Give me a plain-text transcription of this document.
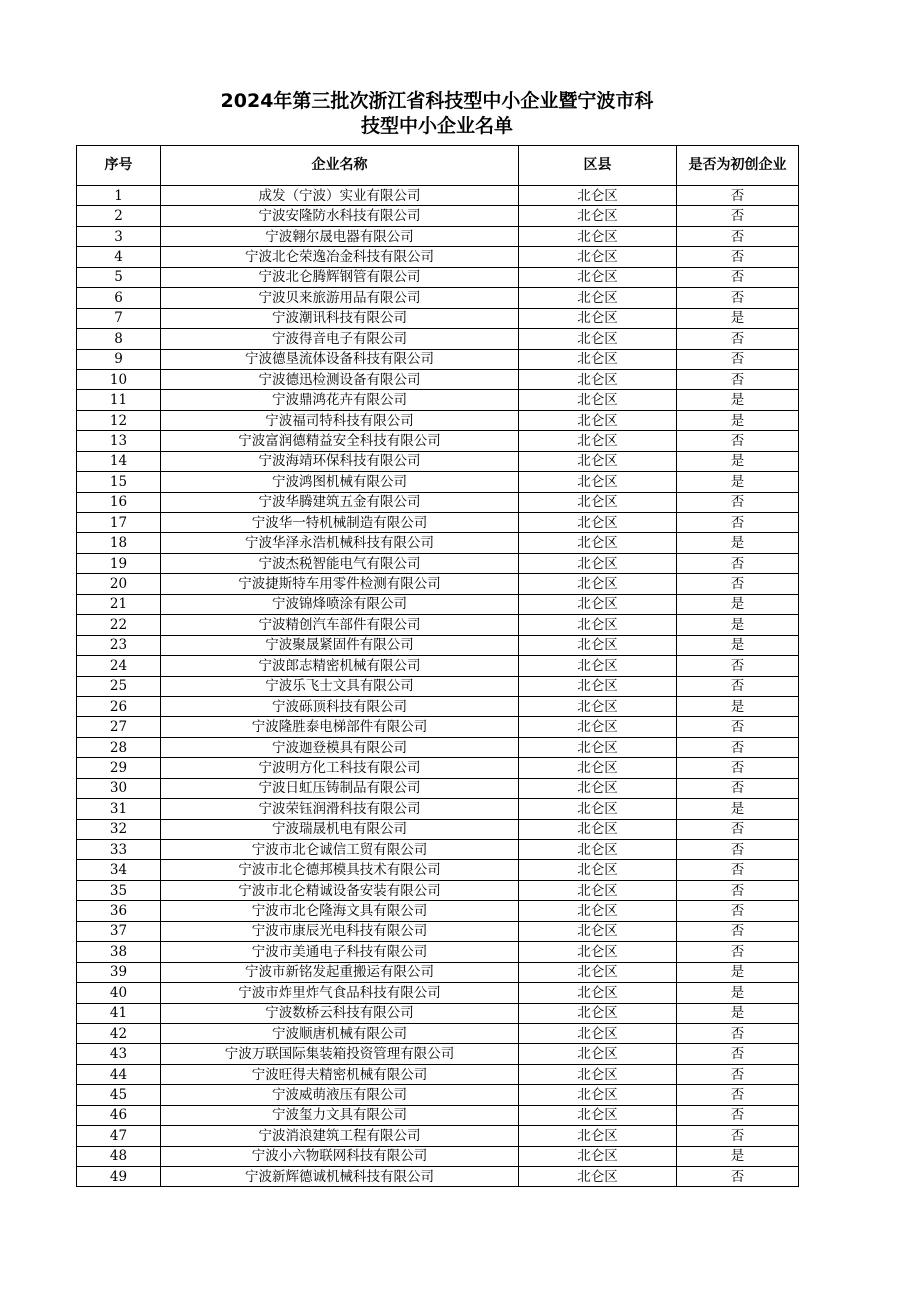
2024年第三批次浙江省科技型中小企业暨宁波市科
技型中小企业名单
序号	企业名称	区县	是否为初创企业
1	成发（宁波）实业有限公司	北仑区	否
2	宁波安隆防水科技有限公司	北仑区	否
3	宁波翱尔晟电器有限公司	北仑区	否
4	宁波北仑荣逸冶金科技有限公司	北仑区	否
5	宁波北仑腾辉钢管有限公司	北仑区	否
6	宁波贝来旅游用品有限公司	北仑区	否
7	宁波潮讯科技有限公司	北仑区	是
8	宁波得音电子有限公司	北仑区	否
9	宁波德垦流体设备科技有限公司	北仑区	否
10	宁波德迅检测设备有限公司	北仑区	否
11	宁波鼎鸿花卉有限公司	北仑区	是
12	宁波福司特科技有限公司	北仑区	是
13	宁波富润德精益安全科技有限公司	北仑区	否
14	宁波海靖环保科技有限公司	北仑区	是
15	宁波鸿图机械有限公司	北仑区	是
16	宁波华腾建筑五金有限公司	北仑区	否
17	宁波华一特机械制造有限公司	北仑区	否
18	宁波华泽永浩机械科技有限公司	北仑区	是
19	宁波杰税智能电气有限公司	北仑区	否
20	宁波捷斯特车用零件检测有限公司	北仑区	否
21	宁波锦烽喷涂有限公司	北仑区	是
22	宁波精创汽车部件有限公司	北仑区	是
23	宁波聚晟紧固件有限公司	北仑区	是
24	宁波郎志精密机械有限公司	北仑区	否
25	宁波乐飞士文具有限公司	北仑区	否
26	宁波砾顶科技有限公司	北仑区	是
27	宁波隆胜泰电梯部件有限公司	北仑区	否
28	宁波迦登模具有限公司	北仑区	否
29	宁波明方化工科技有限公司	北仑区	否
30	宁波日虹压铸制品有限公司	北仑区	否
31	宁波荣钰润滑科技有限公司	北仑区	是
32	宁波瑞晟机电有限公司	北仑区	否
33	宁波市北仑诚信工贸有限公司	北仑区	否
34	宁波市北仑德邦模具技术有限公司	北仑区	否
35	宁波市北仑精诚设备安装有限公司	北仑区	否
36	宁波市北仑隆海文具有限公司	北仑区	否
37	宁波市康辰光电科技有限公司	北仑区	否
38	宁波市美通电子科技有限公司	北仑区	否
39	宁波市新铭发起重搬运有限公司	北仑区	是
40	宁波市炸里炸气食品科技有限公司	北仑区	是
41	宁波数桥云科技有限公司	北仑区	是
42	宁波顺唐机械有限公司	北仑区	否
43	宁波万联国际集装箱投资管理有限公司	北仑区	否
44	宁波旺得夫精密机械有限公司	北仑区	否
45	宁波威萌液压有限公司	北仑区	否
46	宁波玺力文具有限公司	北仑区	否
47	宁波消浪建筑工程有限公司	北仑区	否
48	宁波小六物联网科技有限公司	北仑区	是
49	宁波新辉德诚机械科技有限公司	北仑区	否
